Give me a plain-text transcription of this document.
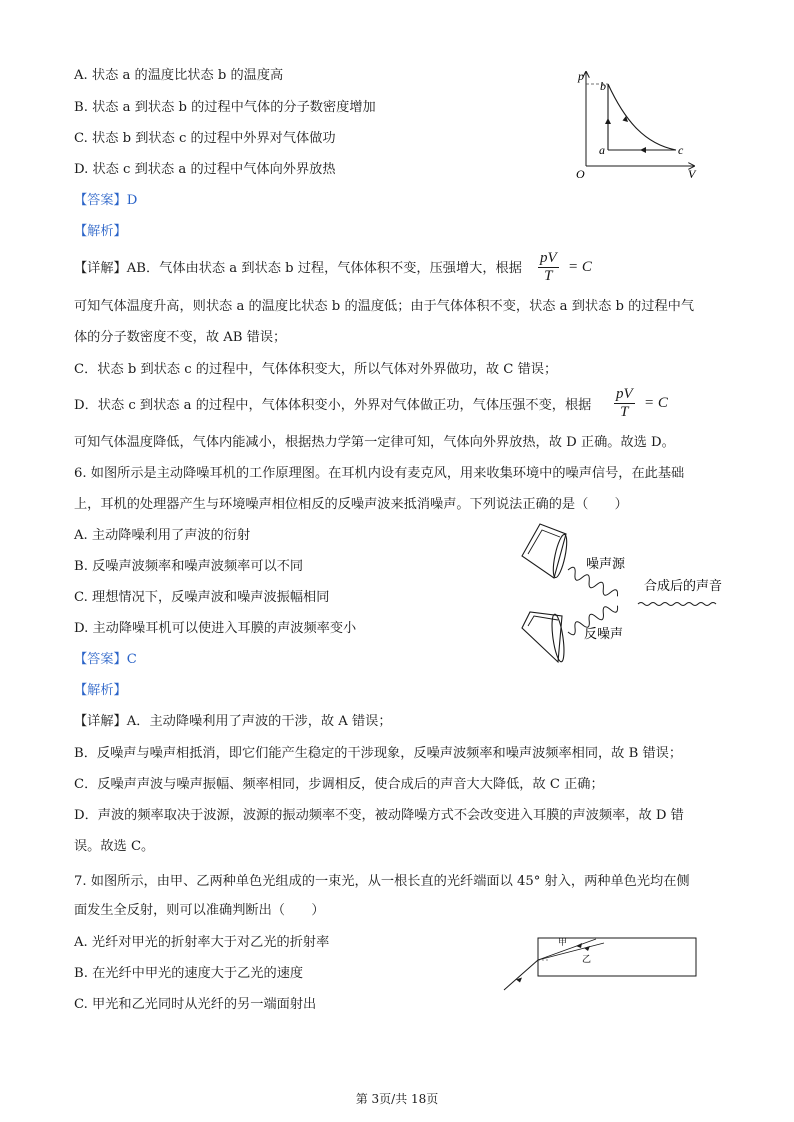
A. 状态 a 的温度比状态 b 的温度高
B. 状态 a 到状态 b 的过程中气体的分子数密度增加
C. 状态 b 到状态 c 的过程中外界对气体做功
D. 状态 c 到状态 a 的过程中气体向外界放热
【答案】D
【解析】
【详解】AB．气体由状态 a 到状态 b 过程，气体体积不变，压强增大，根据 $\frac{pV}{T} = C$
可知气体温度升高，则状态 a 的温度比状态 b 的温度低；由于气体体积不变，状态 a 到状态 b 的过程中气
体的分子数密度不变，故 AB 错误；
C．状态 b 到状态 c 的过程中，气体体积变大，所以气体对外界做功，故 C 错误；
D．状态 c 到状态 a 的过程中，气体体积变小，外界对气体做正功，气体压强不变，根据 $\frac{pV}{T} = C$
可知气体温度降低，气体内能减小，根据热力学第一定律可知，气体向外界放热，故 D 正确。故选 D。
p
V
O
a
b
c
6. 如图所示是主动降噪耳机的工作原理图。在耳机内设有麦克风，用来收集环境中的噪声信号，在此基础
上，耳机的处理器产生与环境噪声相位相反的反噪声波来抵消噪声。下列说法正确的是（　　）
A. 主动降噪利用了声波的衍射
B. 反噪声波频率和噪声波频率可以不同
C. 理想情况下，反噪声波和噪声波振幅相同
D. 主动降噪耳机可以使进入耳膜的声波频率变小
【答案】C
【解析】
【详解】A．主动降噪利用了声波的干涉，故 A 错误；
B．反噪声与噪声相抵消，即它们能产生稳定的干涉现象，反噪声波频率和噪声波频率相同，故 B 错误；
C．反噪声声波与噪声振幅、频率相同，步调相反，使合成后的声音大大降低，故 C 正确；
D．声波的频率取决于波源，波源的振动频率不变，被动降噪方式不会改变进入耳膜的声波频率，故 D 错
误。故选 C。
噪声源
合成后的声音
反噪声
7. 如图所示，由甲、乙两种单色光组成的一束光，从一根长直的光纤端面以 45° 射入，两种单色光均在侧
面发生全反射，则可以准确判断出（　　）
A. 光纤对甲光的折射率大于对乙光的折射率
B. 在光纤中甲光的速度大于乙光的速度
C. 甲光和乙光同时从光纤的另一端面射出
甲
乙
第 3页/共 18页
